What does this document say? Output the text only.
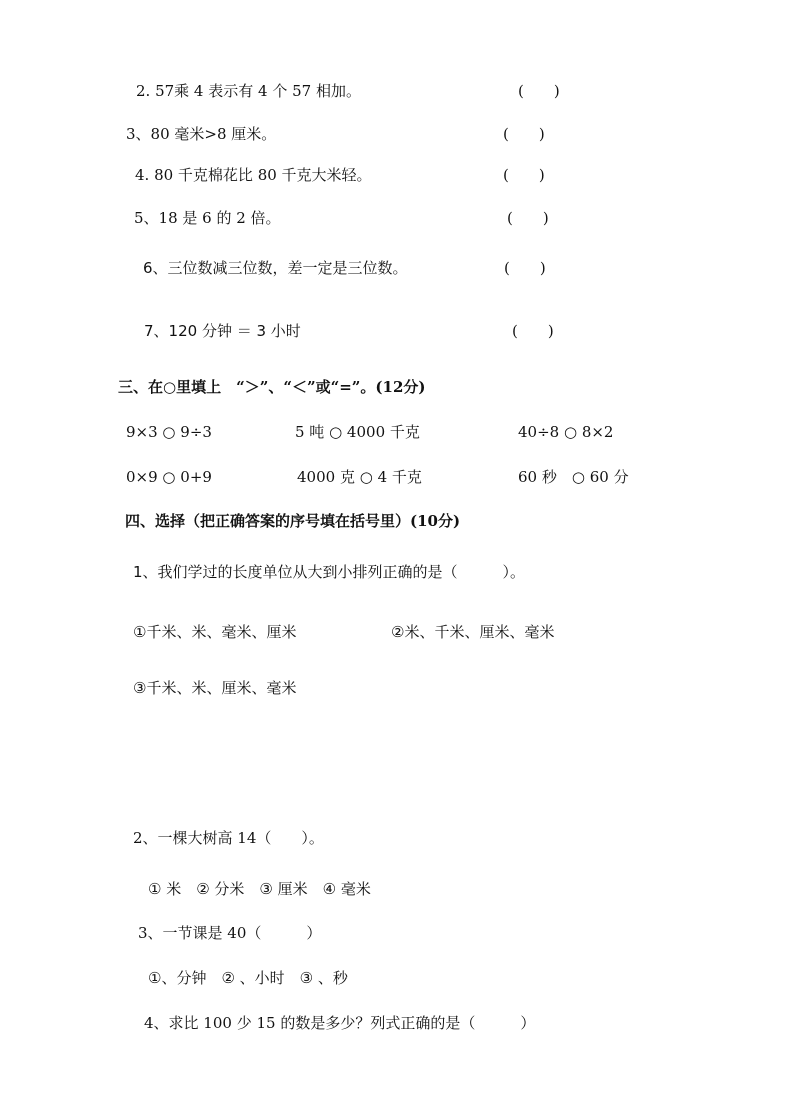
2. 57乘 4 表示有 4 个 57 相加。	(　　)
3、80 毫米>8 厘米。	(　　)
4. 80 千克棉花比 80 千克大米轻。	(　　)
5、18 是 6 的 2 倍。	(　　)
6、三位数减三位数，差一定是三位数。	(　　)
7、120 分钟 ＝ 3 小时	(　　)
三、在○里填上　“＞”、“＜”或“=”。(12分)
9×3 ○ 9÷3	5 吨 ○ 4000 千克	40÷8 ○ 8×2
0×9 ○ 0+9	4000 克 ○ 4 千克	60 秒　○ 60 分
四、选择（把正确答案的序号填在括号里）(10分)
1、我们学过的长度单位从大到小排列正确的是（　　　）。
①千米、米、毫米、厘米	②米、千米、厘米、毫米
③千米、米、厘米、毫米
2、一棵大树高 14（　　）。
① 米　② 分米　③ 厘米　④ 毫米
3、一节课是 40（　　　）
①、分钟　② 、小时　③ 、秒
4、求比 100 少 15 的数是多少？列式正确的是（　　　）
